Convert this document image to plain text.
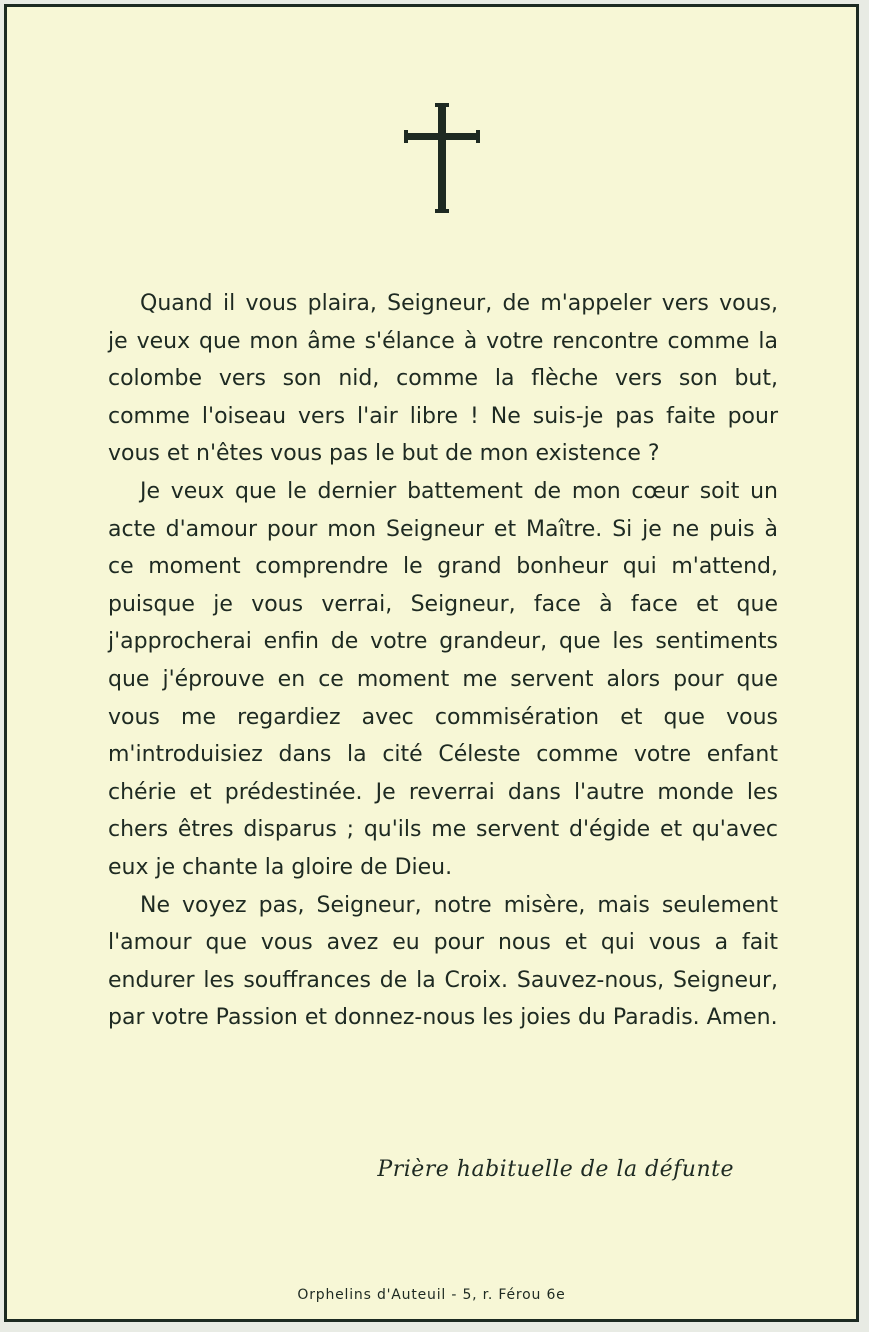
Quand il vous plaira, Seigneur, de m'appeler vers vous, je veux que mon âme s'élance à votre rencontre comme la colombe vers son nid, comme la flèche vers son but, comme l'oiseau vers l'air libre ! Ne suis-je pas faite pour vous et n'êtes vous pas le but de mon existence ?

Je veux que le dernier battement de mon cœur soit un acte d'amour pour mon Seigneur et Maître. Si je ne puis à ce moment comprendre le grand bonheur qui m'attend, puisque je vous verrai, Seigneur, face à face et que j'approcherai enfin de votre grandeur, que les sentiments que j'éprouve en ce moment me servent alors pour que vous me regardiez avec commisération et que vous m'introduisiez dans la cité Céleste comme votre enfant chérie et prédestinée. Je reverrai dans l'autre monde les chers êtres disparus ; qu'ils me servent d'égide et qu'avec eux je chante la gloire de Dieu.

Ne voyez pas, Seigneur, notre misère, mais seulement l'amour que vous avez eu pour nous et qui vous a fait endurer les souffrances de la Croix. Sauvez-nous, Seigneur, par votre Passion et donnez-nous les joies du Paradis. Amen.

Prière habituelle de la défunte
Orphelins d'Auteuil - 5, r. Férou 6e
